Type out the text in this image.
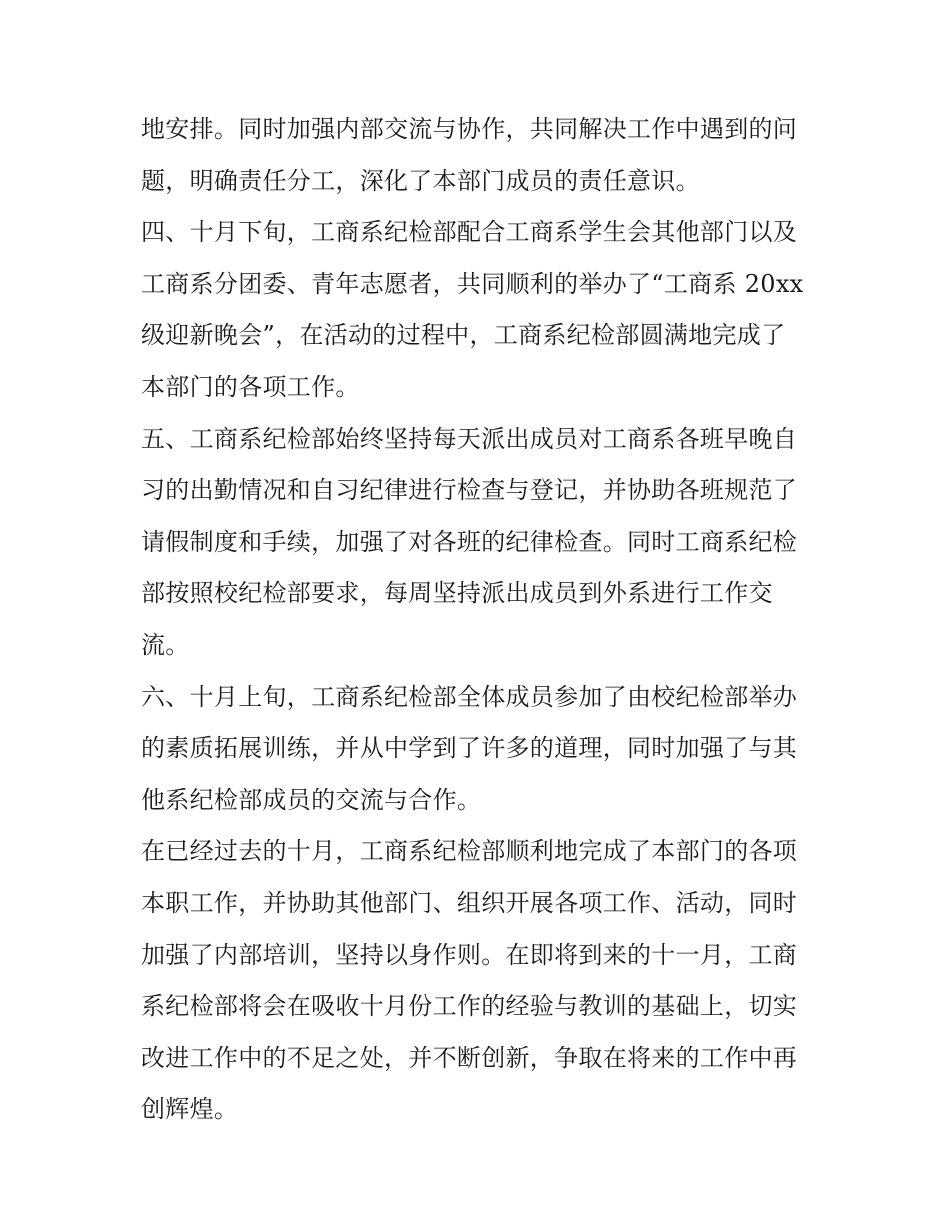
地安排。同时加强内部交流与协作，共同解决工作中遇到的问
题，明确责任分工，深化了本部门成员的责任意识。
四、十月下旬，工商系纪检部配合工商系学生会其他部门以及
工商系分团委、青年志愿者，共同顺利的举办了“工商系 20xx
级迎新晚会”，在活动的过程中，工商系纪检部圆满地完成了
本部门的各项工作。
五、工商系纪检部始终坚持每天派出成员对工商系各班早晚自
习的出勤情况和自习纪律进行检查与登记，并协助各班规范了
请假制度和手续，加强了对各班的纪律检查。同时工商系纪检
部按照校纪检部要求，每周坚持派出成员到外系进行工作交
流。
六、十月上旬，工商系纪检部全体成员参加了由校纪检部举办
的素质拓展训练，并从中学到了许多的道理，同时加强了与其
他系纪检部成员的交流与合作。
在已经过去的十月，工商系纪检部顺利地完成了本部门的各项
本职工作，并协助其他部门、组织开展各项工作、活动，同时
加强了内部培训，坚持以身作则。在即将到来的十一月，工商
系纪检部将会在吸收十月份工作的经验与教训的基础上，切实
改进工作中的不足之处，并不断创新，争取在将来的工作中再
创辉煌。
